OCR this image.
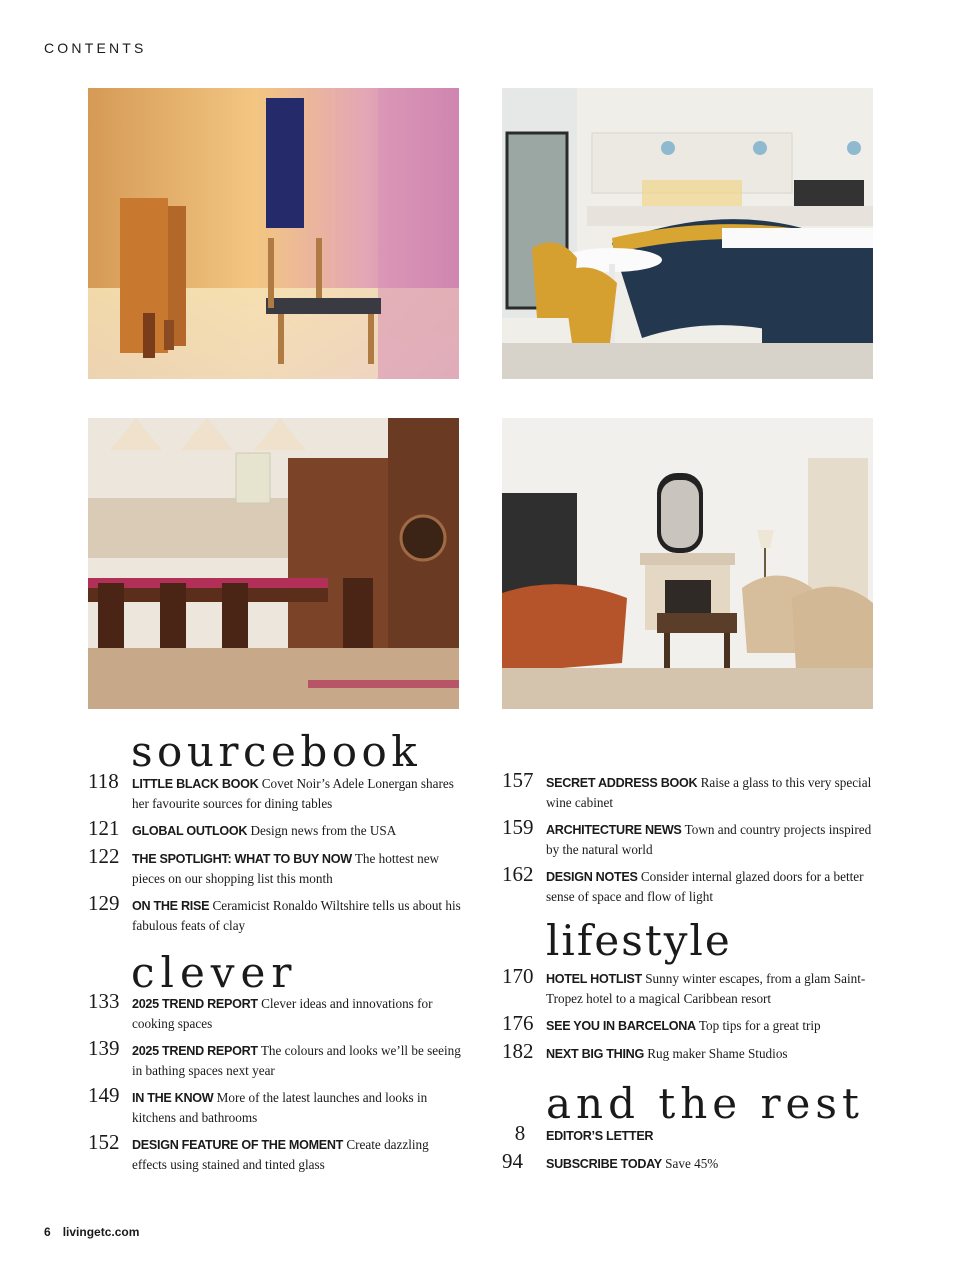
CONTENTS
sourcebook
clever
lifestyle
and the rest
118	LITTLE BLACK BOOK Covet Noir’s Adele Lonergan shares her favourite sources for dining tables
121 GLOBAL OUTLOOK Design news from the USA
122 THE SPOTLIGHT: WHAT TO BUY NOW The hottest new pieces on our shopping list this month
129 ON THE RISE Ceramicist Ronaldo Wiltshire tells us about his fabulous feats of clay
133 2025 TREND REPORT Clever ideas and innovations for cooking spaces
139 2025 TREND REPORT The colours and looks we’ll be seeing in bathing spaces next year
149 IN THE KNOW More of the latest launches and looks in kitchens and bathrooms
152 DESIGN FEATURE OF THE MOMENT Create dazzling effects using stained and tinted glass
157 SECRET ADDRESS BOOK Raise a glass to this very special wine cabinet
159 ARCHITECTURE NEWS Town and country projects inspired by the natural world
162 DESIGN NOTES Consider internal glazed doors for a better sense of space and flow of light
170 HOTEL HOTLIST Sunny winter escapes, from a glam Saint-Tropez hotel to a magical Caribbean resort
176 SEE YOU IN BARCELONA Top tips for a great trip
182 NEXT BIG THING Rug maker Shame Studios
8	EDITOR’S LETTER
94	SUBSCRIBE TODAY Save 45%
6 livingetc.com
